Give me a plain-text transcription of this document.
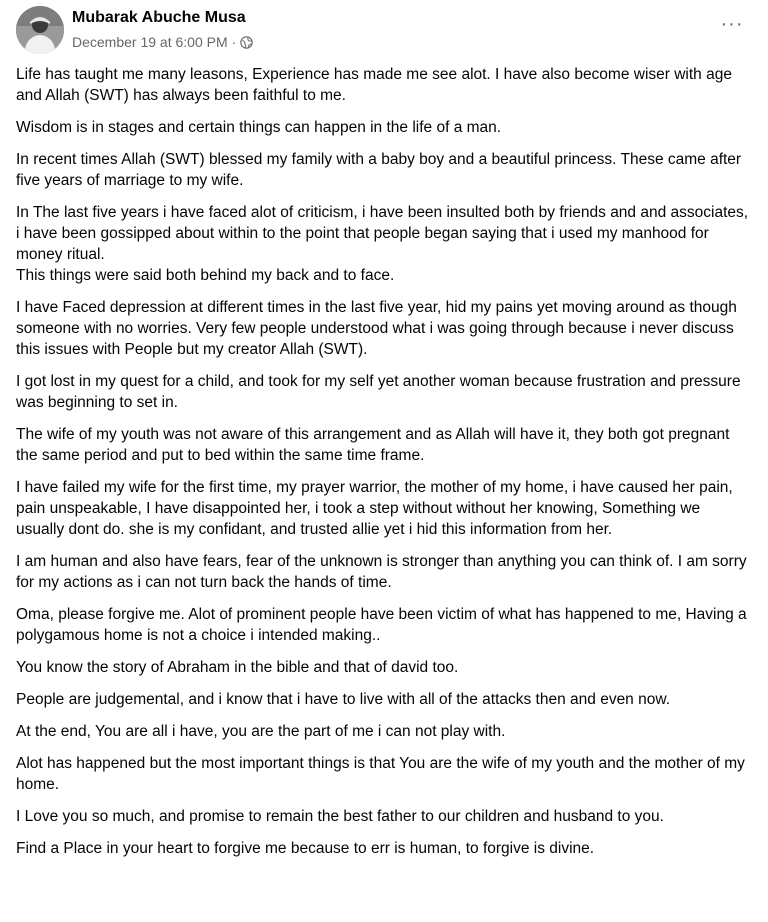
Mubarak Abuche Musa
December 19 at 6:00 PM ·
···

Life has taught me many leasons, Experience has made me see alot. I have also become wiser with age and Allah (SWT) has always been faithful to me.

Wisdom is in stages and certain things can happen in the life of a man.

In recent times Allah (SWT) blessed my family with a baby boy and a beautiful princess. These came after five years of marriage to my wife.

In The last five years i have faced alot of criticism, i have been insulted both by friends and and associates, i have been gossipped about within to the point that people began saying that i used my manhood for money ritual.
This things were said both behind my back and to face.

I have Faced depression at different times in the last five year, hid my pains yet moving around as though someone with no worries. Very few people understood what i was going through because i never discuss this issues with People but my creator Allah (SWT).

I got lost in my quest for a child, and took for my self yet another woman because frustration and pressure was beginning to set in.

The wife of my youth was not aware of this arrangement and as Allah will have it, they both got pregnant the same period and put to bed within the same time frame.

I have failed my wife for the first time, my prayer warrior, the mother of my home, i have caused her pain, pain unspeakable, I have disappointed her, i took a step without without her knowing, Something we usually dont do. she is my confidant, and trusted allie yet i hid this information from her.

I am human and also have fears, fear of the unknown is stronger than anything you can think of. I am sorry for my actions as i can not turn back the hands of time.

Oma, please forgive me. Alot of prominent people have been victim of what has happened to me, Having a polygamous home is not a choice i intended making..

You know the story of Abraham in the bible and that of david too.

People are judgemental, and i know that i have to live with all of the attacks then and even now.

At the end, You are all i have, you are the part of me i can not play with.

Alot has happened but the most important things is that You are the wife of my youth and the mother of my home.

I Love you so much, and promise to remain the best father to our children and husband to you.

Find a Place in your heart to forgive me because to err is human, to forgive is divine.
